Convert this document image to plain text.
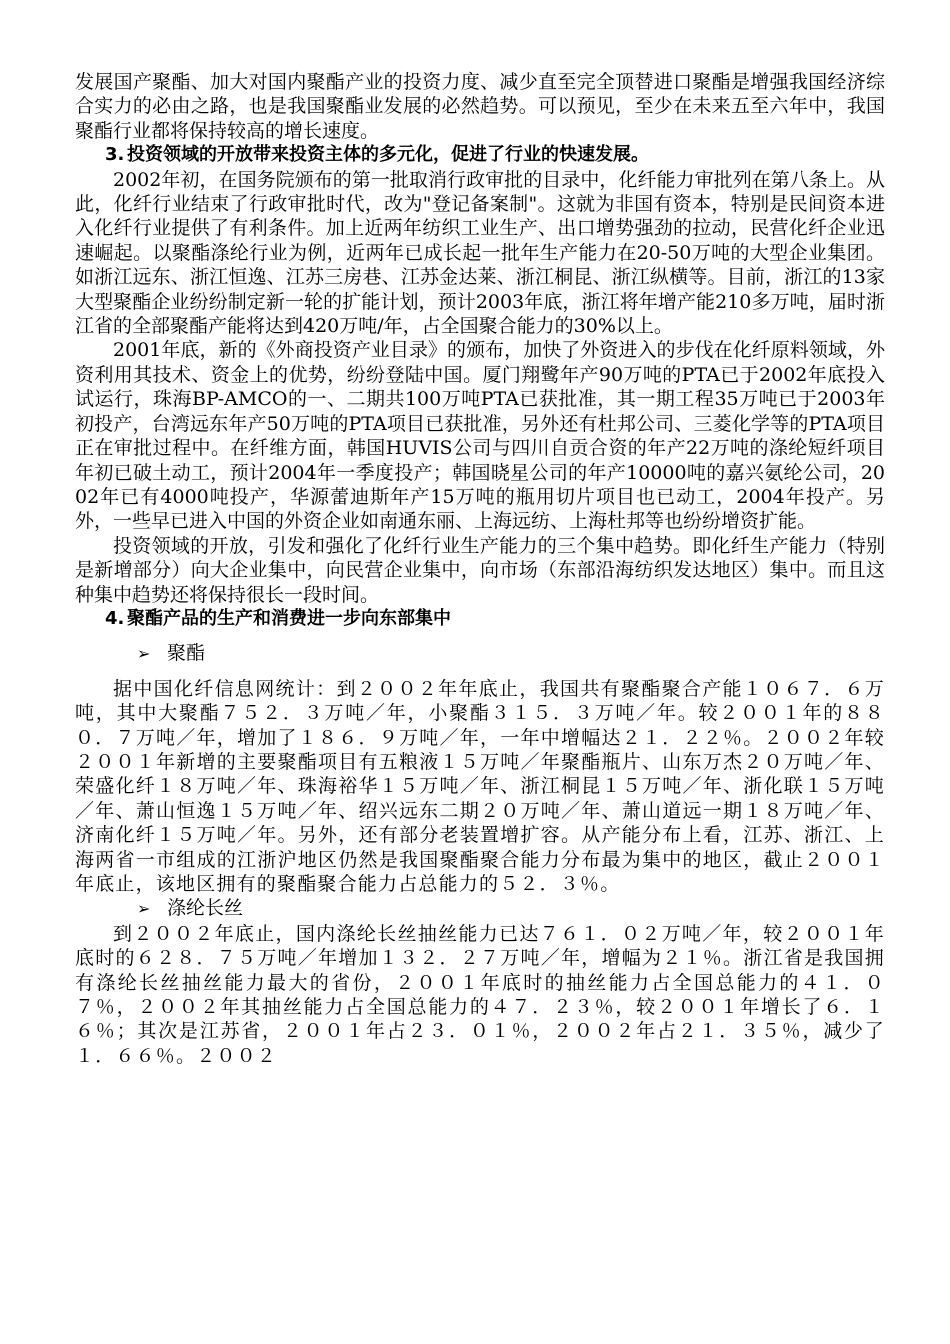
发展国产聚酯、加大对国内聚酯产业的投资力度、减少直至完全顶替进口聚酯是增强我国经济综合实力的必由之路，也是我国聚酯业发展的必然趋势。可以预见，至少在未来五至六年中，我国聚酯行业都将保持较高的增长速度。

3. 投资领域的开放带来投资主体的多元化，促进了行业的快速发展。

2002年初，在国务院颁布的第一批取消行政审批的目录中，化纤能力审批列在第八条上。从此，化纤行业结束了行政审批时代，改为"登记备案制"。这就为非国有资本，特别是民间资本进入化纤行业提供了有利条件。加上近两年纺织工业生产、出口增势强劲的拉动，民营化纤企业迅速崛起。以聚酯涤纶行业为例，近两年已成长起一批年生产能力在20-50万吨的大型企业集团。如浙江远东、浙江恒逸、江苏三房巷、江苏金达莱、浙江桐昆、浙江纵横等。目前，浙江的13家大型聚酯企业纷纷制定新一轮的扩能计划，预计2003年底，浙江将年增产能210多万吨，届时浙江省的全部聚酯产能将达到420万吨/年，占全国聚合能力的30%以上。

2001年底，新的《外商投资产业目录》的颁布，加快了外资进入的步伐在化纤原料领域，外资利用其技术、资金上的优势，纷纷登陆中国。厦门翔鹭年产90万吨的PTA已于2002年底投入试运行，珠海BP-AMCO的一、二期共100万吨PTA已获批准，其一期工程35万吨已于2003年初投产，台湾远东年产50万吨的PTA项目已获批准，另外还有杜邦公司、三菱化学等的PTA项目正在审批过程中。在纤维方面，韩国HUVIS公司与四川自贡合资的年产22万吨的涤纶短纤项目年初已破土动工，预计2004年一季度投产；韩国晓星公司的年产10000吨的嘉兴氨纶公司，2002年已有4000吨投产，华源蕾迪斯年产15万吨的瓶用切片项目也已动工，2004年投产。另外，一些早已进入中国的外资企业如南通东丽、上海远纺、上海杜邦等也纷纷增资扩能。

投资领域的开放，引发和强化了化纤行业生产能力的三个集中趋势。即化纤生产能力（特别是新增部分）向大企业集中，向民营企业集中，向市场（东部沿海纺织发达地区）集中。而且这种集中趋势还将保持很长一段时间。

4. 聚酯产品的生产和消费进一步向东部集中

➢ 聚酯

据中国化纤信息网统计：到２００２年年底止，我国共有聚酯聚合产能１０６７．６万吨，其中大聚酯７５２．３万吨／年，小聚酯３１５．３万吨／年。较２００１年的８８０．７万吨／年，增加了１８６．９万吨／年，一年中增幅达２１．２２％。２００２年较２００１年新增的主要聚酯项目有五粮液１５万吨／年聚酯瓶片、山东万杰２０万吨／年、荣盛化纤１８万吨／年、珠海裕华１５万吨／年、浙江桐昆１５万吨／年、浙化联１５万吨／年、萧山恒逸１５万吨／年、绍兴远东二期２０万吨／年、萧山道远一期１８万吨／年、济南化纤１５万吨／年。另外，还有部分老装置增扩容。从产能分布上看，江苏、浙江、上海两省一市组成的江浙沪地区仍然是我国聚酯聚合能力分布最为集中的地区，截止２００１年底止，该地区拥有的聚酯聚合能力占总能力的５２．３％。

➢ 涤纶长丝

到２００２年底止，国内涤纶长丝抽丝能力已达７６１．０２万吨／年，较２００１年底时的６２８．７５万吨／年增加１３２．２７万吨／年，增幅为２１％。浙江省是我国拥有涤纶长丝抽丝能力最大的省份，２００１年底时的抽丝能力占全国总能力的４１．０７％，２００２年其抽丝能力占全国总能力的４７．２３％，较２００１年增长了６．１６％；其次是江苏省，２００１年占２３．０１％，２００２年占２１．３５％，减少了１．６６％。２００２
